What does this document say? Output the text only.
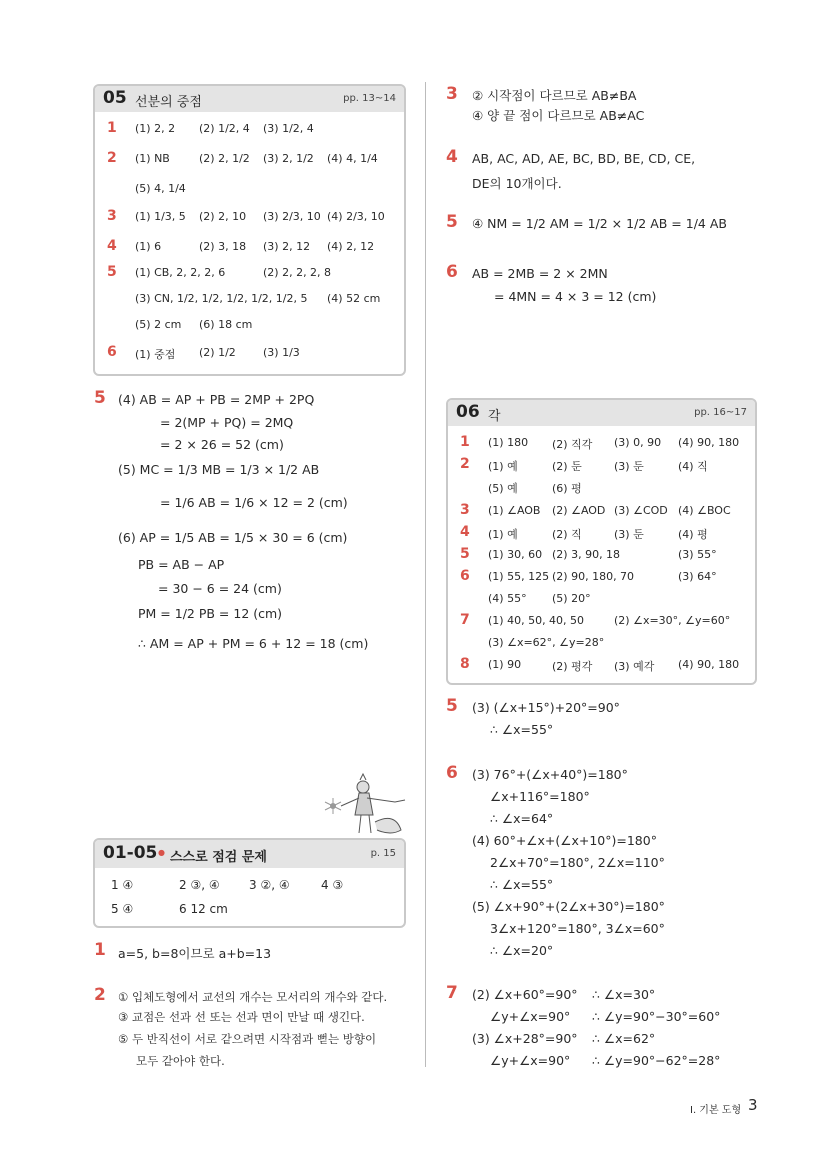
05 선분의 중점	pp. 13~14
1 (1) 2, 2 (2) 1/2, 4 (3) 1/2, 4
2 (1) NB	(2) 2, 1/2 (3) 2, 1/2 (4) 4, 1/4
(5) 4, 1/4
3 (1) 1/3, 5 (2) 2, 10 (3) 2/3, 10 (4) 2/3, 10
4 (1) 6	(2) 3, 18 (3) 2, 12 (4) 2, 12
5 (1) CB, 2, 2, 2, 6	(2) 2, 2, 2, 8
(3) CN, 1/2, 1/2, 1/2, 1/2, 1/2, 5 (4) 52 cm
(5) 2 cm (6) 18 cm
6 (1) 중점 (2) 1/2 (3) 1/3
5 (4) AB = AP + PB = 2MP + 2PQ
= 2(MP + PQ) = 2MQ
= 2 × 26 = 52 (cm)
(5) MC = 1/3 MB = 1/3 × 1/2 AB
= 1/6 AB = 1/6 × 12 = 2 (cm)
(6) AP = 1/5 AB = 1/5 × 30 = 6 (cm)
PB = AB − AP
= 30 − 6 = 24 (cm)
PM = 1/2 PB = 12 (cm)
∴ AM = AP + PM = 6 + 12 = 18 (cm)
01-05 ● 스스로 점검 문제	p. 15
1 ④	2 ③, ④ 3 ②, ④	4 ③
5 ④	6 12 cm
1 a=5, b=8이므로 a+b=13
2 ① 입체도형에서 교선의 개수는 모서리의 개수와 같다.
③ 교점은 선과 선 또는 선과 면이 만날 때 생긴다.
⑤ 두 반직선이 서로 같으려면 시작점과 뻗는 방향이
모두 같아야 한다.
3 ② 시작점이 다르므로 AB≠BA
④ 양 끝 점이 다르므로 AB≠AC
4 AB, AC, AD, AE, BC, BD, BE, CD, CE,
DE의 10개이다.
5 ④ NM = 1/2 AM = 1/2 × 1/2 AB = 1/4 AB
6 AB = 2MB = 2 × 2MN
= 4MN = 4 × 3 = 12 (cm)
06 각	pp. 16~17
1 (1) 180 (2) 직각 (3) 0, 90 (4) 90, 180
2 (1) 예	(2) 둔	(3) 둔	(4) 직
(5) 예	(6) 평
3 (1) ∠AOB (2) ∠AOD (3) ∠COD (4) ∠BOC
4 (1) 예	(2) 직	(3) 둔	(4) 평
5 (1) 30, 60 (2) 3, 90, 18	(3) 55°
6 (1) 55, 125 (2) 90, 180, 70	(3) 64°
(4) 55° (5) 20°
7 (1) 40, 50, 40, 50	(2) ∠x=30°, ∠y=60°
(3) ∠x=62°, ∠y=28°
8 (1) 90	(2) 평각 (3) 예각 (4) 90, 180
5 (3) (∠x+15°)+20°=90°
∴ ∠x=55°
6 (3) 76°+(∠x+40°)=180°
∠x+116°=180°
∴ ∠x=64°
(4) 60°+∠x+(∠x+10°)=180°
2∠x+70°=180°, 2∠x=110°
∴ ∠x=55°
(5) ∠x+90°+(2∠x+30°)=180°
3∠x+120°=180°, 3∠x=60°
∴ ∠x=20°
7 (2) ∠x+60°=90° ∴ ∠x=30°
∠y+∠x=90° ∴ ∠y=90°−30°=60°
(3) ∠x+28°=90° ∴ ∠x=62°
∠y+∠x=90° ∴ ∠y=90°−62°=28°
I. 기본 도형 3
